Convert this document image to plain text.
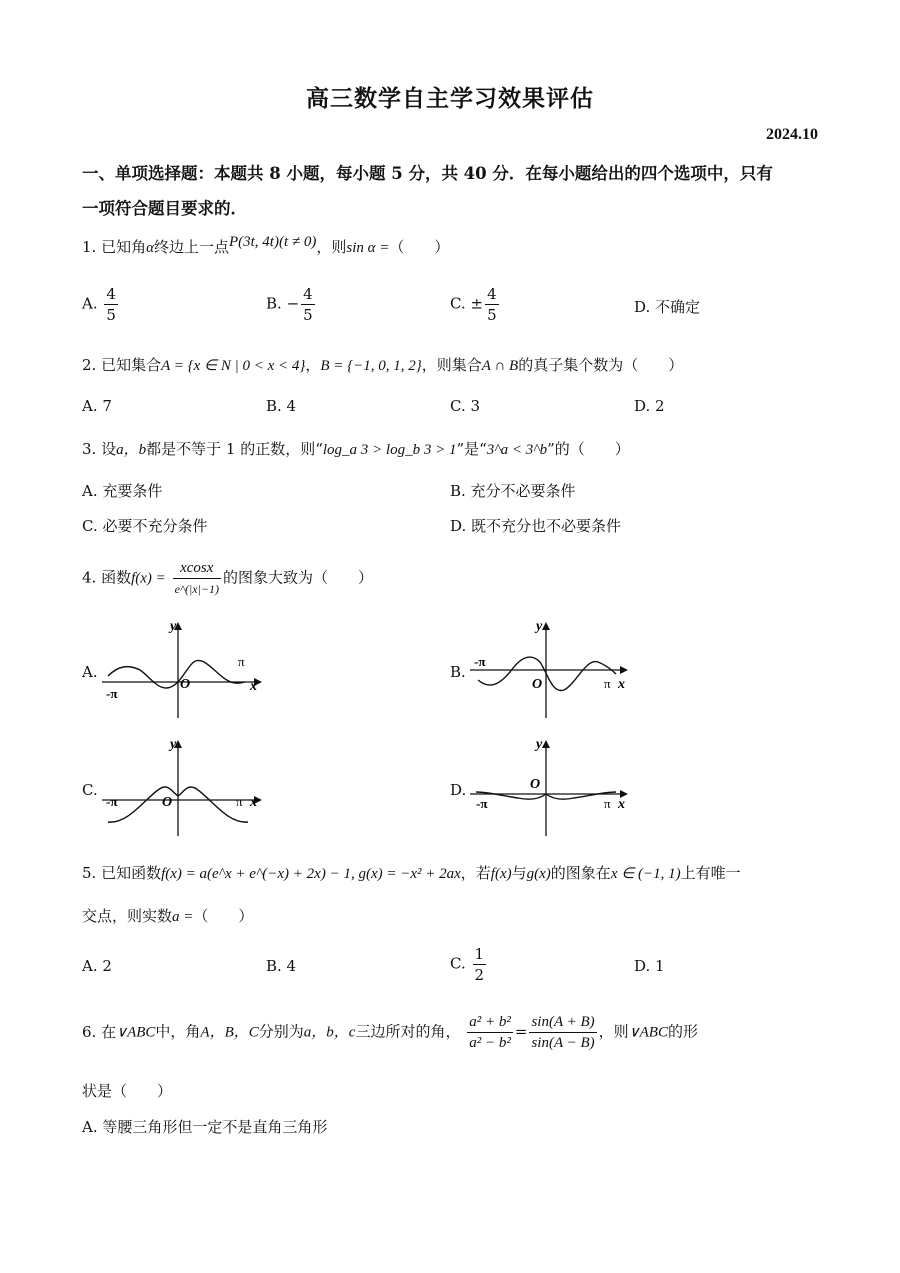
高三数学自主学习效果评估
2024.10
一、单项选择题：本题共 8 小题，每小题 5 分，共 40 分．在每小题给出的四个选项中，只有
一项符合题目要求的．
1. 已知角α终边上一点P(3t, 4t)(t ≠ 0)，则sin α =（　　）
A. $\frac{4}{5}$	B. − $\frac{4}{5}$	C. ± $\frac{4}{5}$	D. 不确定
2. 已知集合A = {x ∈ N | 0 < x < 4}，B = {−1, 0, 1, 2}，则集合A ∩ B的真子集个数为（　　）
A. 7	B. 4	C. 3	D. 2
3. 设a，b都是不等于 1 的正数，则“log_a 3 > log_b 3 > 1”是“3^a < 3^b”的（　　）
A. 充要条件	B. 充分不必要条件
C. 必要不充分条件	D. 既不充分也不必要条件
4. 函数$f(x) = \frac{xcosx}{e\^{}(|x|-1)}$ 的图象大致为（　　）
A.	B.
C.	D.
y
x
O
π
-π
y
x
O	π
-π
y
x
O	π
-π
y
x
O
π
-π
5. 已知函数f(x) = a(e^x + e^(−x) + 2x) − 1, g(x) = −x² + 2ax，若f(x)与g(x)的图象在x ∈ (−1, 1)上有唯一
交点，则实数a =（　　）
A. 2	B. 4	C. $\frac{1}{2}$	D. 1
6. 在∨ABC中，角A，B，C分别为a，b，c三边所对的角， $\frac{\text{a² + b²}}{\text{a² − b²}} = \frac{\sin(A + B)}{\sin(A - B)}$ ，则∨ABC的形
状是（　　）
A. 等腰三角形但一定不是直角三角形
